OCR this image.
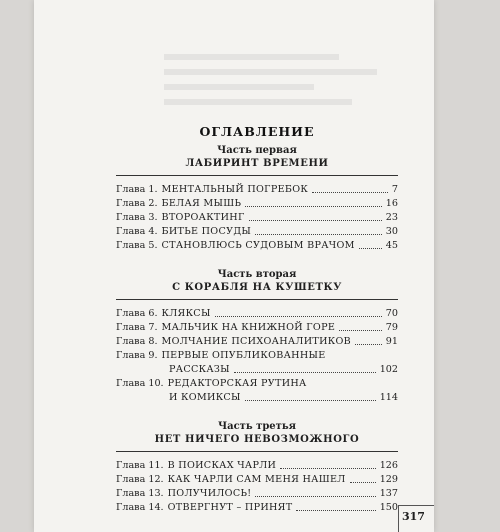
ОГЛАВЛЕНИЕ
Часть первая
ЛАБИРИНТ ВРЕМЕНИ
Глава 1. МЕНТАЛЬНЫЙ ПОГРЕБОК	7
Глава 2. БЕЛАЯ МЫШЬ	16
Глава 3. ВТОРОАКТИНГ	23
Глава 4. БИТЬЕ ПОСУДЫ	30
Глава 5. СТАНОВЛЮСЬ СУДОВЫМ ВРАЧОМ	45
Часть вторая
С КОРАБЛЯ НА КУШЕТКУ
Глава 6. КЛЯКСЫ	70
Глава 7. МАЛЬЧИК НА КНИЖНОЙ ГОРЕ	79
Глава 8. МОЛЧАНИЕ ПСИХОАНАЛИТИКОВ	91
Глава 9. ПЕРВЫЕ ОПУБЛИКОВАННЫЕ
РАССКАЗЫ	102
Глава 10. РЕДАКТОРСКАЯ РУТИНА
И КОМИКСЫ	114
Часть третья
НЕТ НИЧЕГО НЕВОЗМОЖНОГО
Глава 11. В ПОИСКАХ ЧАРЛИ	126
Глава 12. КАК ЧАРЛИ САМ МЕНЯ НАШЕЛ	129
Глава 13. ПОЛУЧИЛОСЬ!	137
Глава 14. ОТВЕРГНУТ – ПРИНЯТ	150
317
